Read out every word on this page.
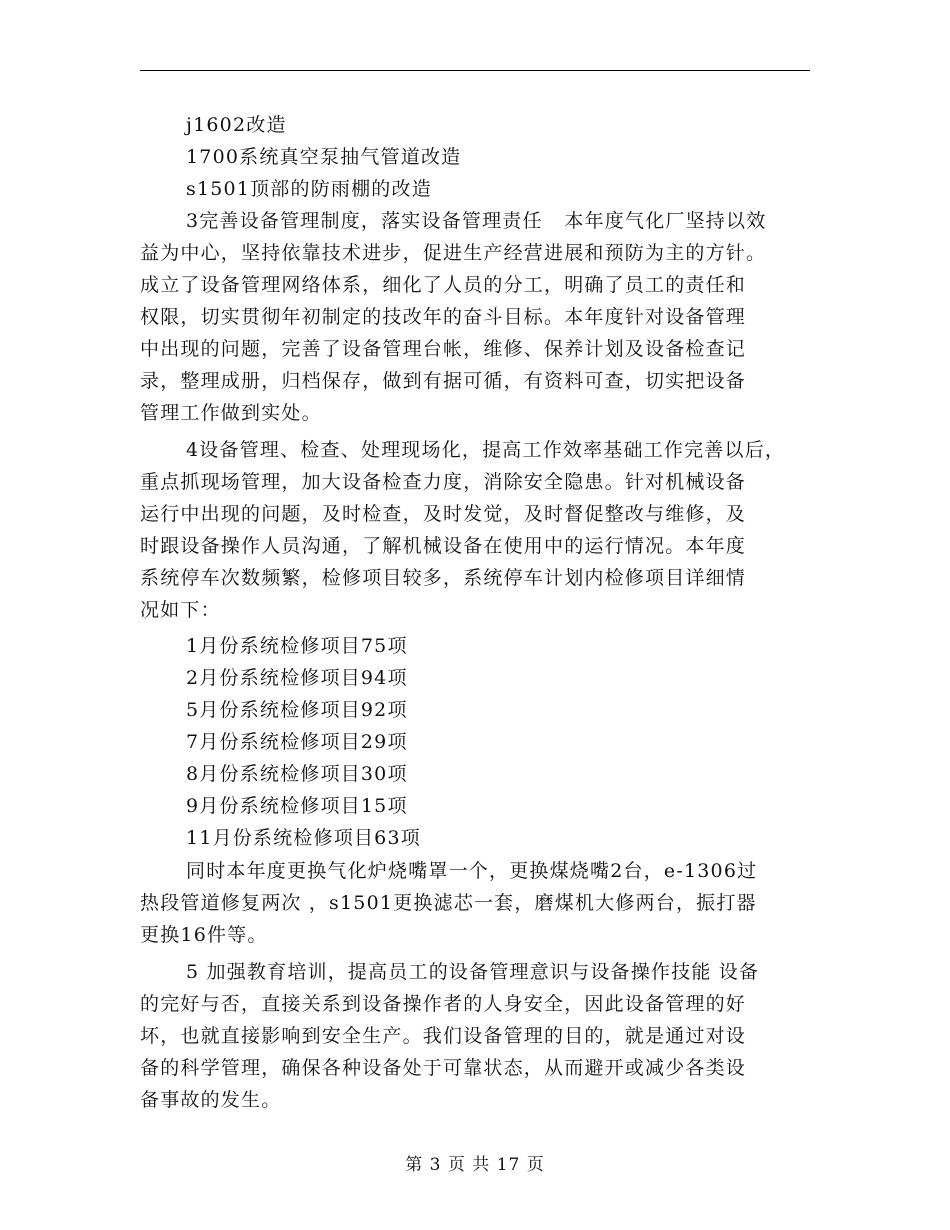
j1602改造
1700系统真空泵抽气管道改造
s1501顶部的防雨棚的改造
3完善设备管理制度，落实设备管理责任   本年度气化厂坚持以效
益为中心，坚持依靠技术进步，促进生产经营进展和预防为主的方针。
成立了设备管理网络体系，细化了人员的分工，明确了员工的责任和
权限，切实贯彻年初制定的技改年的奋斗目标。本年度针对设备管理
中出现的问题，完善了设备管理台帐，维修、保养计划及设备检查记
录，整理成册，归档保存，做到有据可循，有资料可查，切实把设备
管理工作做到实处。
4设备管理、检查、处理现场化，提高工作效率基础工作完善以后，
重点抓现场管理，加大设备检查力度，消除安全隐患。针对机械设备
运行中出现的问题，及时检查，及时发觉，及时督促整改与维修，及
时跟设备操作人员沟通，了解机械设备在使用中的运行情况。本年度
系统停车次数频繁，检修项目较多，系统停车计划内检修项目详细情
况如下：
1月份系统检修项目75项
2月份系统检修项目94项
5月份系统检修项目92项
7月份系统检修项目29项
8月份系统检修项目30项
9月份系统检修项目15项
11月份系统检修项目63项
同时本年度更换气化炉烧嘴罩一个，更换煤烧嘴2台，e-1306过
热段管道修复两次 ，s1501更换滤芯一套，磨煤机大修两台，振打器
更换16件等。
5 加强教育培训，提高员工的设备管理意识与设备操作技能 设备
的完好与否，直接关系到设备操作者的人身安全，因此设备管理的好
坏，也就直接影响到安全生产。我们设备管理的目的，就是通过对设
备的科学管理，确保各种设备处于可靠状态，从而避开或减少各类设
备事故的发生。
第 3 页 共 17 页
